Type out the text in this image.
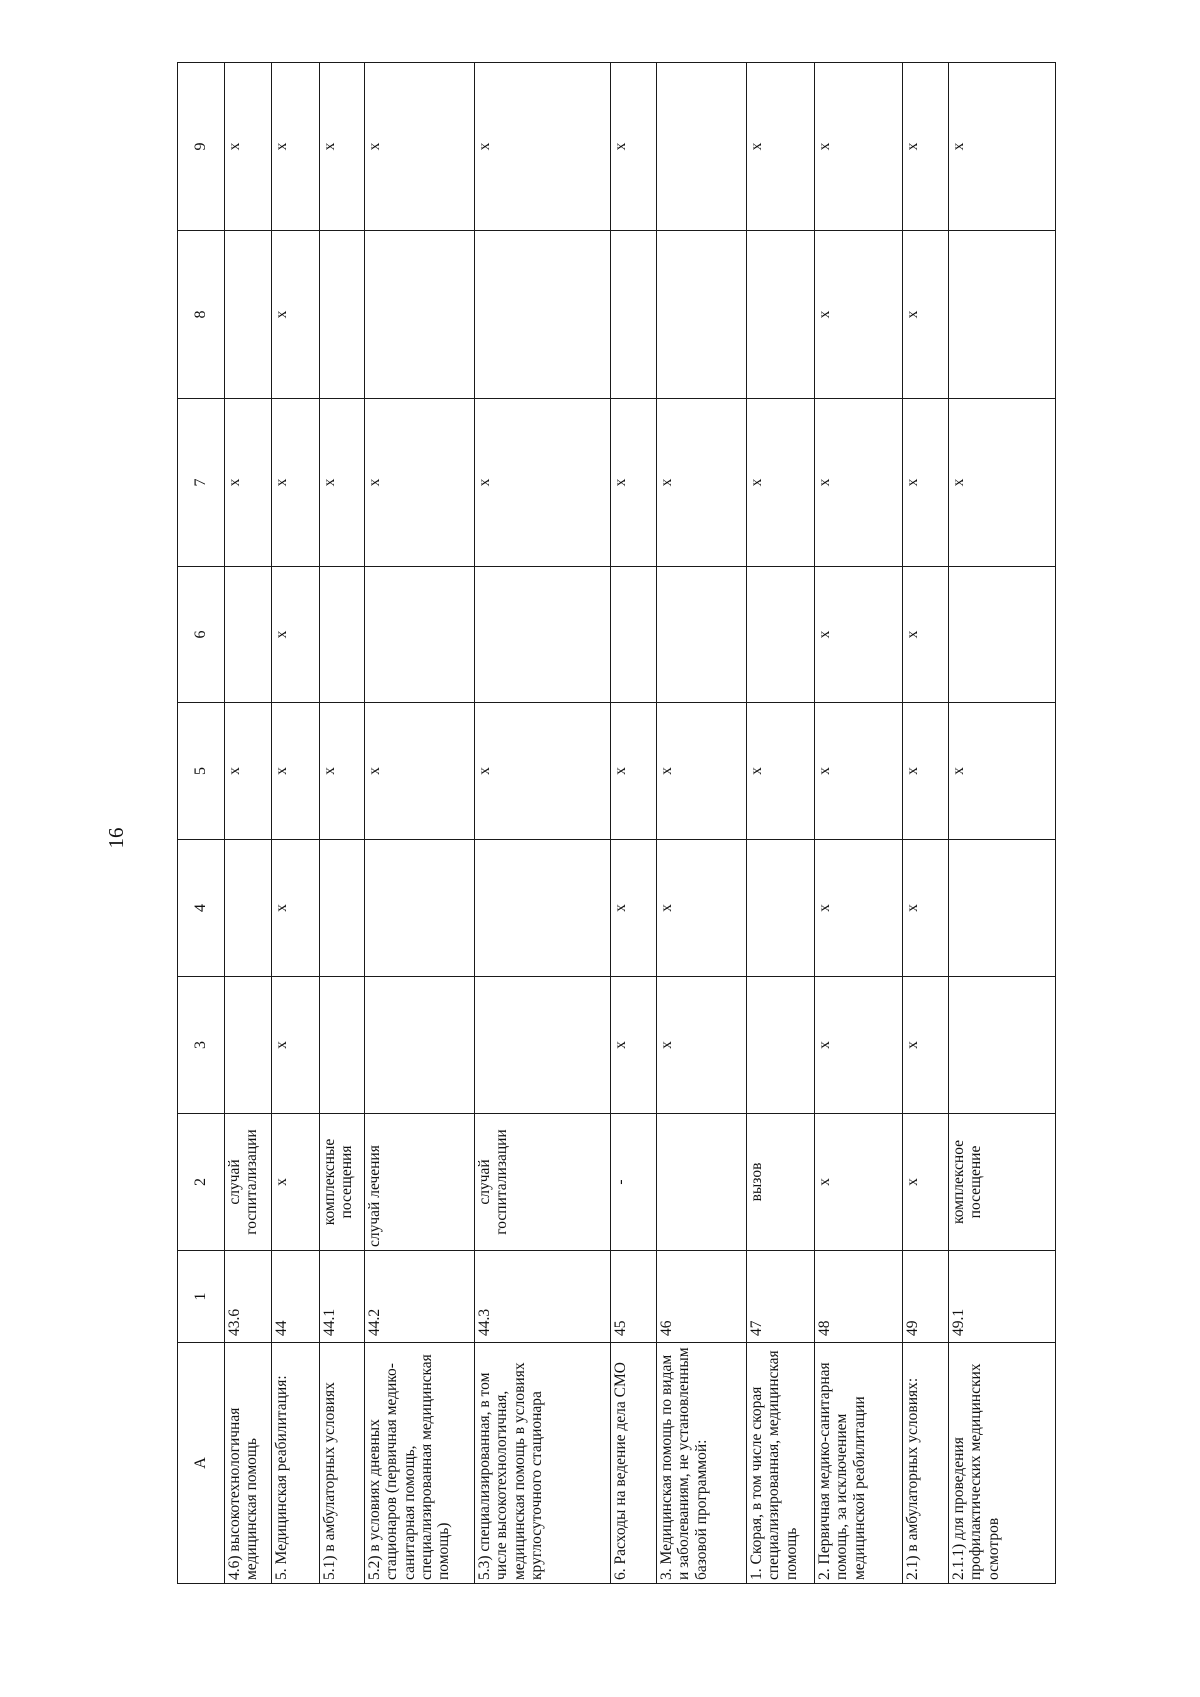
16
A	1	2	3	4	5	6	7	8	9
4.6) высокотехнологичная медицинская помощь	43.6	случай госпитализации			х		х		х
5. Медицинская реабилитация:	44	х	х	х	х	х	х	х	х
5.1) в амбулаторных условиях	44.1	комплексные посещения			х		х		х
5.2) в условиях дневных стационаров (первичная медико-санитарная помощь, специализированная медицинская помощь)	44.2	случай лечения			х		х		х
5.3) специализированная, в том числе высокотехнологичная, медицинская помощь в условиях круглосуточного стационара	44.3	случай госпитализации			х		х		х
6. Расходы на ведение дела СМО	45	-	х	х	х		х		х
3. Медицинская помощь по видам и заболеваниям, не установленным базовой программой:	46		х	х	х		х		
1. Скорая, в том числе скорая специализированная, медицинская помощь	47	вызов			х		х		х
2. Первичная медико-санитарная помощь, за исключением медицинской реабилитации	48	х	х	х	х	х	х	х	х
2.1) в амбулаторных условиях:	49	х	х	х	х	х	х	х	х
2.1.1) для проведения профилактических медицинских осмотров	49.1	комплексное посещение			х		х		х
